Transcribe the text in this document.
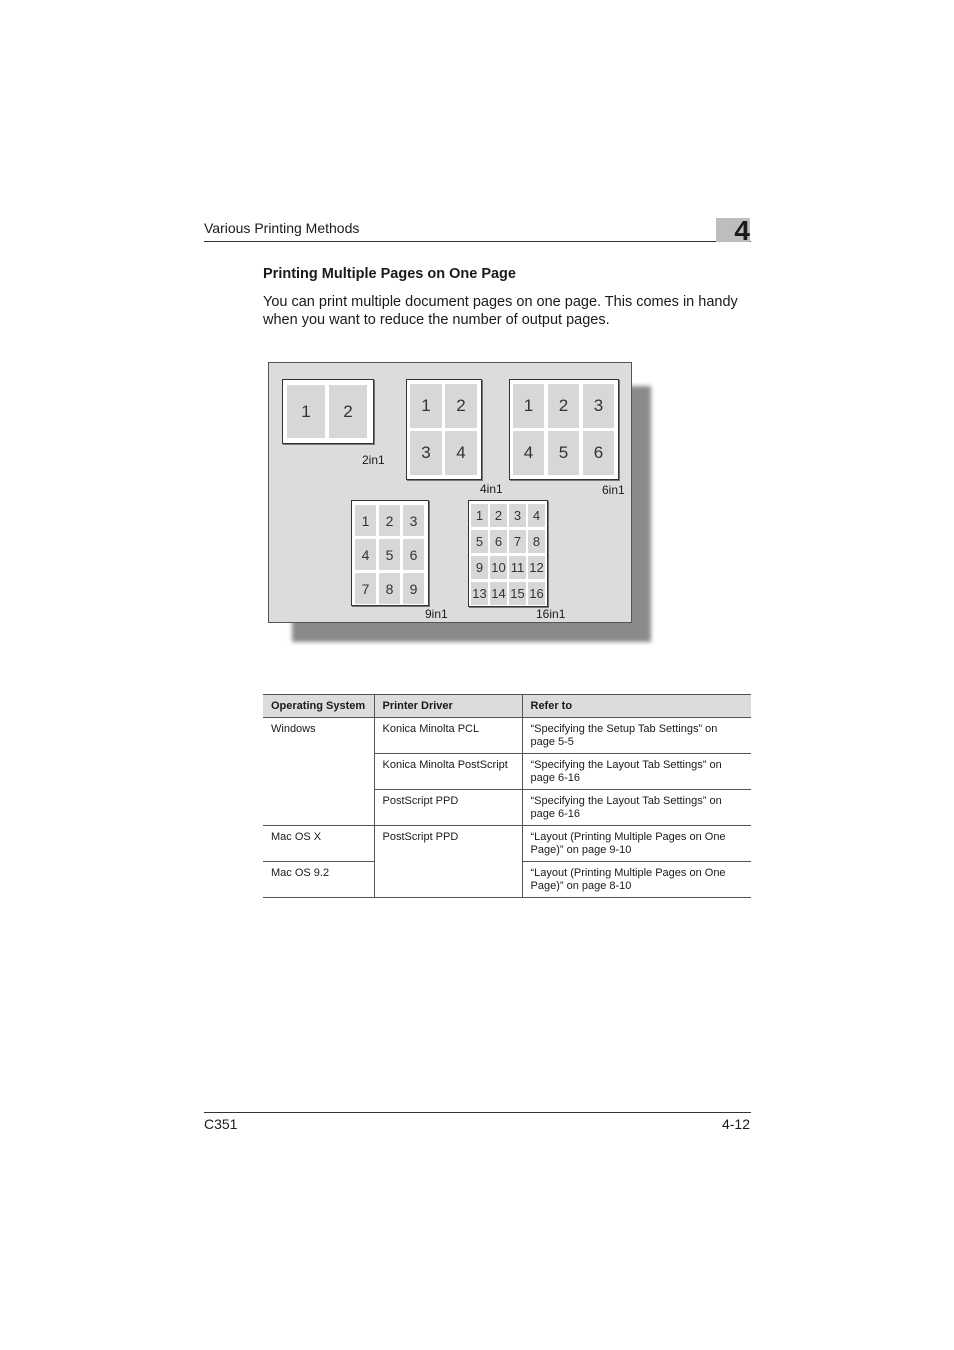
Various Printing Methods	4
Printing Multiple Pages on One Page
You can print multiple document pages on one page. This comes in handy when you want to reduce the number of output pages.
1	2
2in1
1	2
3	4
4in1
1	2	3
4	5	6
6in1
1	2	3
4	5	6
7	8	9
9in1
1 2 3 4
5 6 7 8
9 10 11 12
13 14 15 16
16in1
Operating System	Printer Driver	Refer to
Windows	Konica Minolta PCL	“Specifying the Setup Tab Settings” on page 5-5
	Konica Minolta PostScript	“Specifying the Layout Tab Settings” on page 6-16
	PostScript PPD	“Specifying the Layout Tab Settings” on page 6-16
Mac OS X	PostScript PPD	“Layout (Printing Multiple Pages on One Page)” on page 9-10
Mac OS 9.2		“Layout (Printing Multiple Pages on One Page)” on page 8-10
C351	4-12
